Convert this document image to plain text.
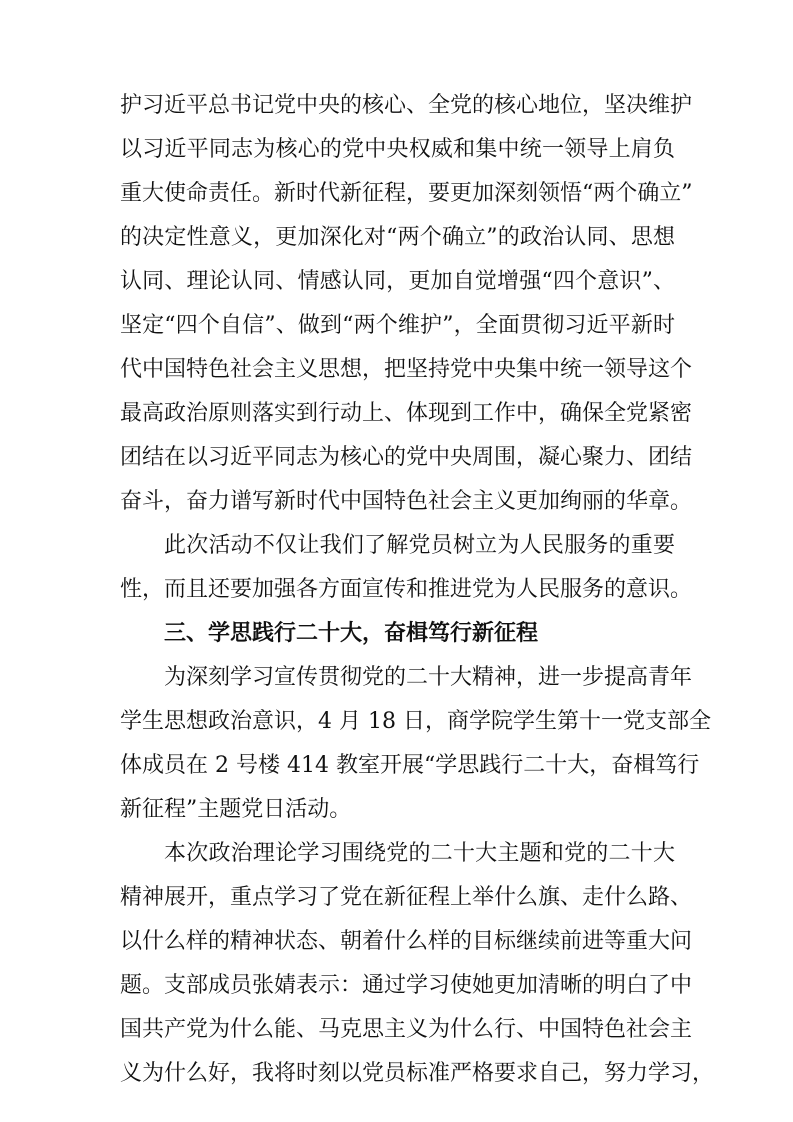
护习近平总书记党中央的核心、全党的核心地位，坚决维护
以习近平同志为核心的党中央权威和集中统一领导上肩负
重大使命责任。新时代新征程，要更加深刻领悟“两个确立”
的决定性意义，更加深化对“两个确立”的政治认同、思想
认同、理论认同、情感认同，更加自觉增强“四个意识”、
坚定“四个自信”、做到“两个维护”，全面贯彻习近平新时
代中国特色社会主义思想，把坚持党中央集中统一领导这个
最高政治原则落实到行动上、体现到工作中，确保全党紧密
团结在以习近平同志为核心的党中央周围，凝心聚力、团结
奋斗，奋力谱写新时代中国特色社会主义更加绚丽的华章。
此次活动不仅让我们了解党员树立为人民服务的重要
性，而且还要加强各方面宣传和推进党为人民服务的意识。
三、学思践行二十大，奋楫笃行新征程
为深刻学习宣传贯彻党的二十大精神，进一步提高青年
学生思想政治意识，4 月 18 日，商学院学生第十一党支部全
体成员在 2 号楼 414 教室开展“学思践行二十大，奋楫笃行
新征程”主题党日活动。
本次政治理论学习围绕党的二十大主题和党的二十大
精神展开，重点学习了党在新征程上举什么旗、走什么路、
以什么样的精神状态、朝着什么样的目标继续前进等重大问
题。支部成员张婧表示：通过学习使她更加清晰的明白了中
国共产党为什么能、马克思主义为什么行、中国特色社会主
义为什么好，我将时刻以党员标准严格要求自己，努力学习，
